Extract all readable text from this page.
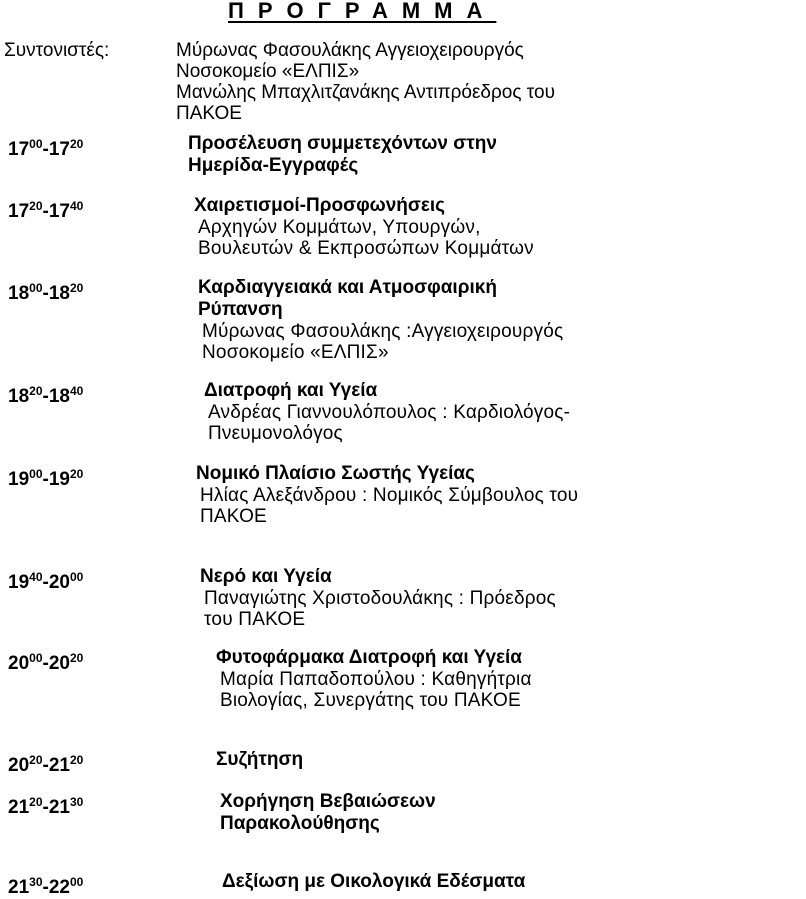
ΠΡΟΓΡΑΜΜΑ
Συντονιστές:	Μύρωνας Φασουλάκης Αγγειοχειρουργός
Νοσοκομείο «ΕΛΠΙΣ»
Μανώλης Μπαχλιτζανάκης Αντιπρόεδρος του
ΠΑΚΟΕ
$17^{00}-17^{20}$	Προσέλευση συμμετεχόντων στην
Ημερίδα-Εγγραφές
$17^{20}-17^{40}$	Χαιρετισμοί-Προσφωνήσεις
Αρχηγών Κομμάτων, Υπουργών,
Βουλευτών & Εκπροσώπων Κομμάτων
$18^{00}-18^{20}$	Καρδιαγγειακά και Ατμοσφαιρική
Ρύπανση
Μύρωνας Φασουλάκης :Αγγειοχειρουργός
Νοσοκομείο «ΕΛΠΙΣ»
$18^{20}-18^{40}$	Διατροφή και Υγεία
Ανδρέας Γιαννουλόπουλος : Καρδιολόγος-
Πνευμονολόγος
$19^{00}-19^{20}$	Νομικό Πλαίσιο Σωστής Υγείας
Ηλίας Αλεξάνδρου : Νομικός Σύμβουλος του
ΠΑΚΟΕ
$19^{40}-20^{00}$	Νερό και Υγεία
Παναγιώτης Χριστοδουλάκης : Πρόεδρος
του ΠΑΚΟΕ
$20^{00}-20^{20}$	Φυτοφάρμακα Διατροφή και Υγεία
Μαρία Παπαδοπούλου : Καθηγήτρια
Βιολογίας, Συνεργάτης του ΠΑΚΟΕ
$20^{20}-21^{20}$	Συζήτηση
$21^{20}-21^{30}$	Χορήγηση Βεβαιώσεων
Παρακολούθησης
$21^{30}-22^{00}$	Δεξίωση με Οικολογικά Εδέσματα
